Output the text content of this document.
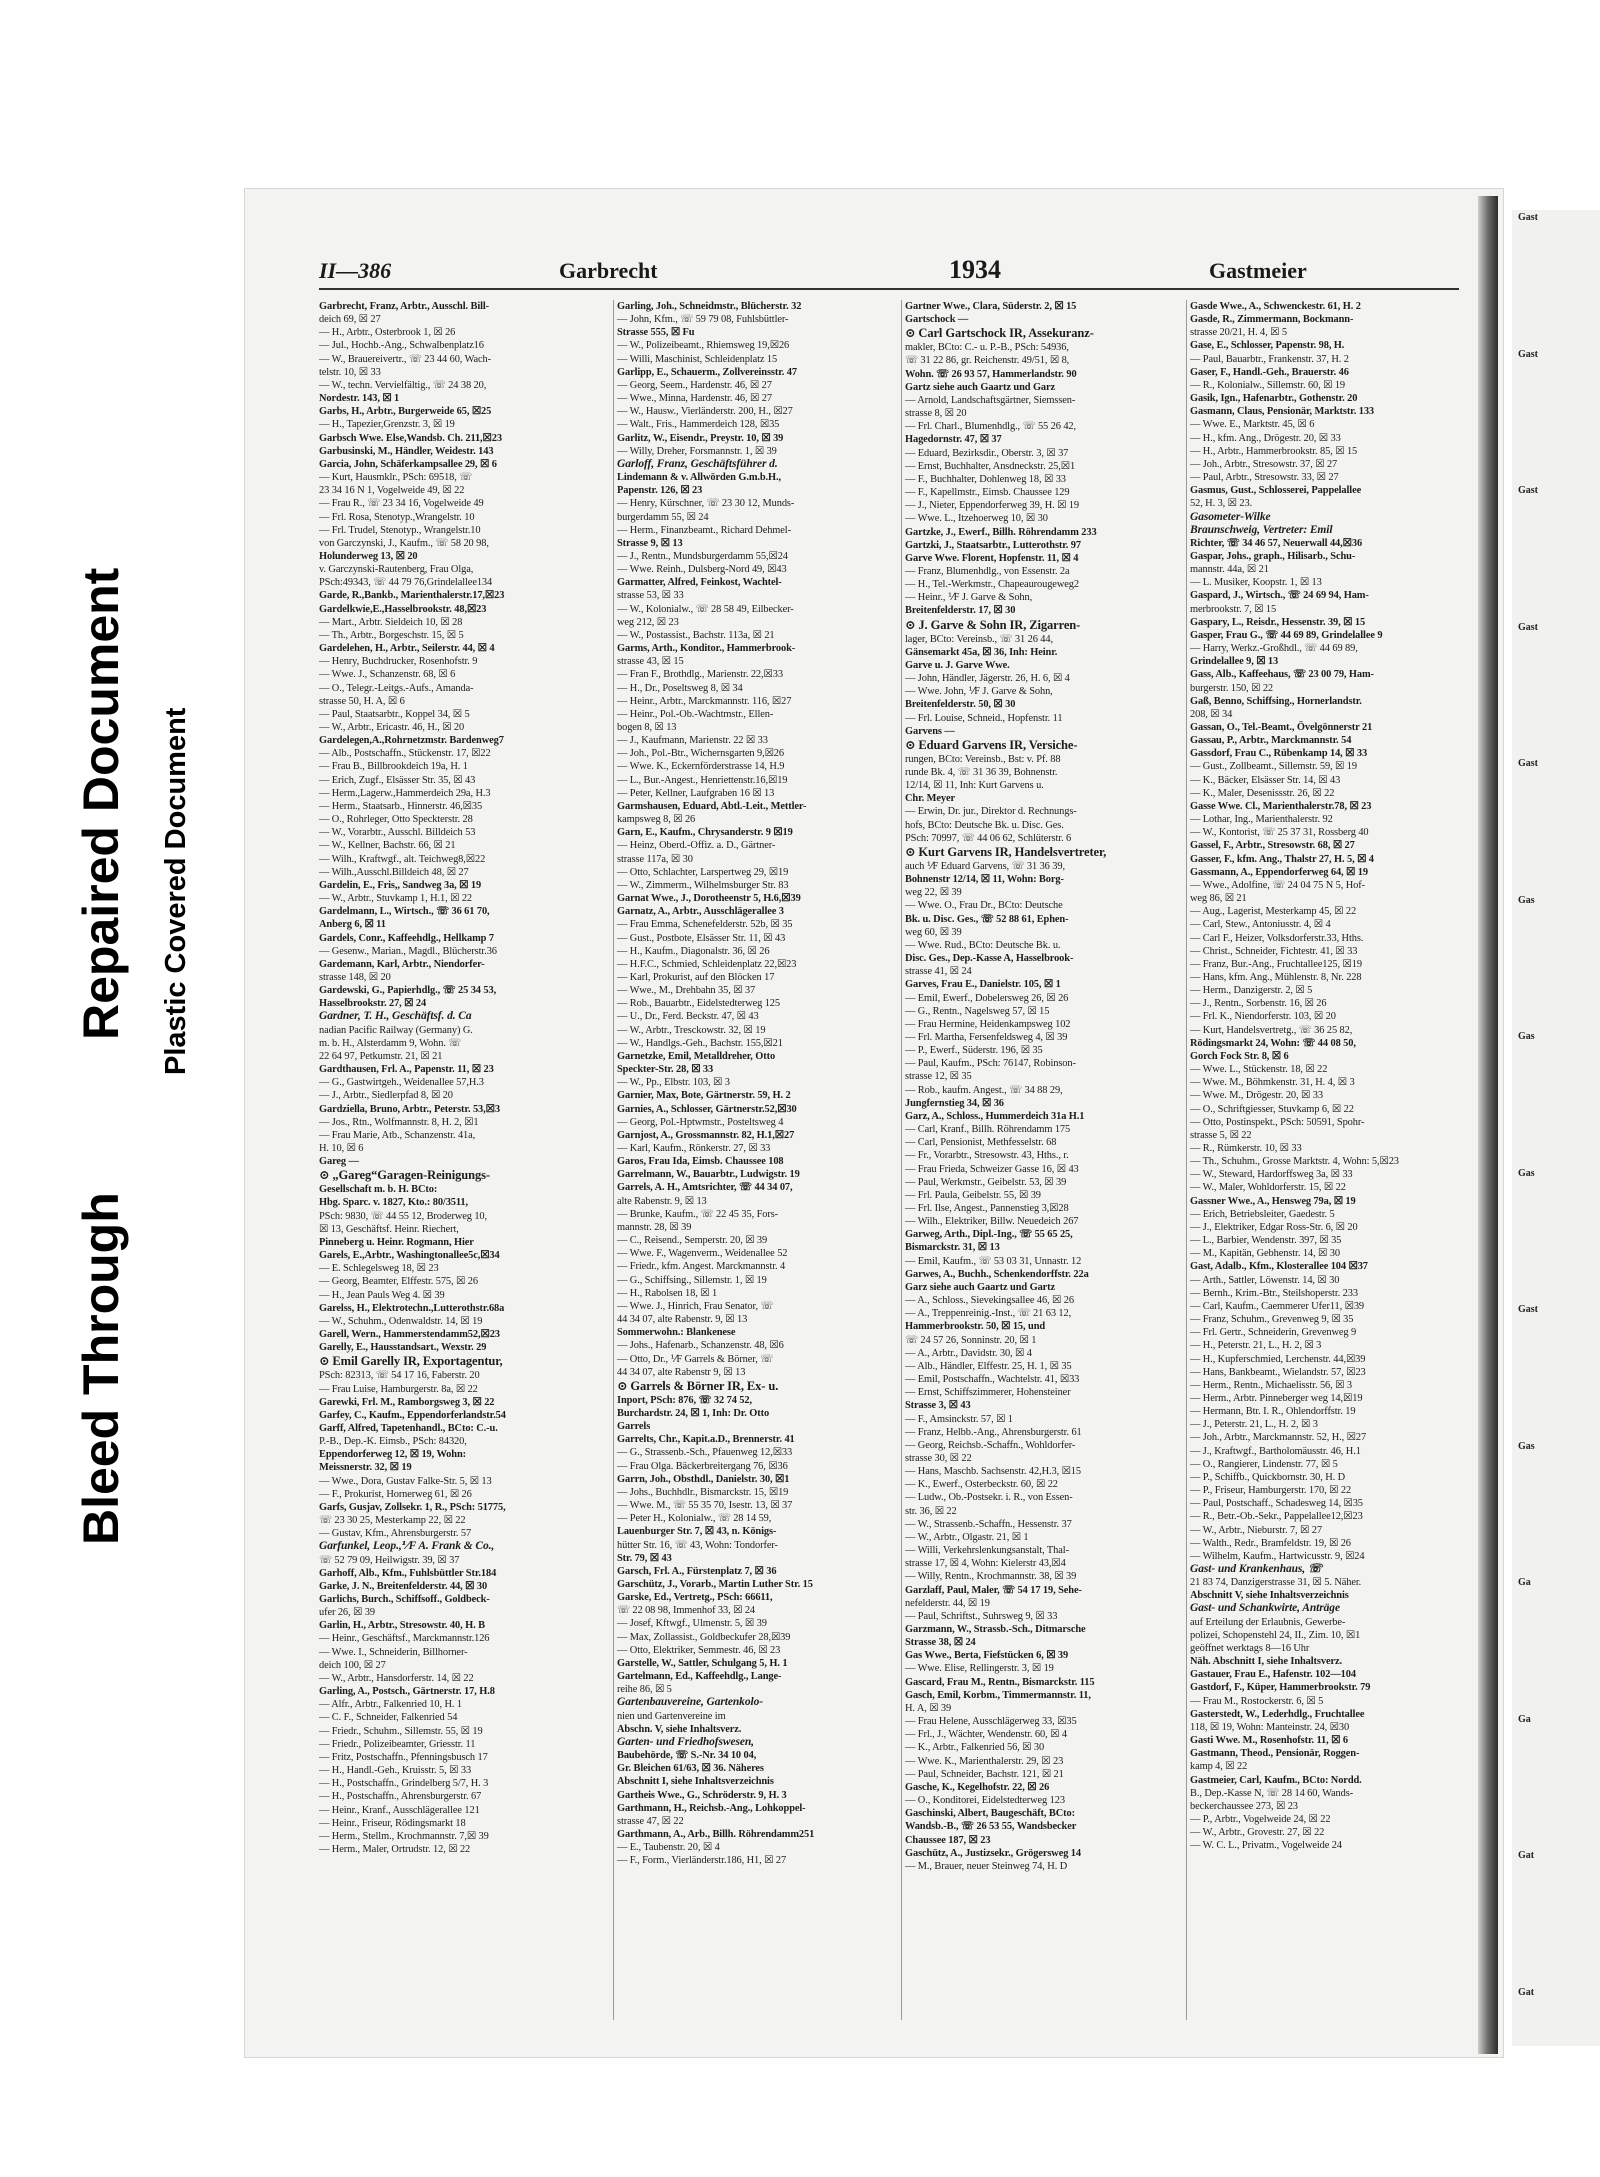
Bleed Through
Repaired Document Plastic Covered Document
II—386	Garbrecht	1934	Gastmeier
Garbrecht, Franz, Arbtr., Ausschl. Bill-
deich 69, ☒ 27
— H., Arbtr., Osterbrook 1, ☒ 26
— Jul., Hochb.-Ang., Schwalbenplatz16
— W., Brauereivertr., ☏ 23 44 60, Wach-
telstr. 10, ☒ 33
— W., techn. Vervielfältig., ☏ 24 38 20,
Nordestr. 143, ☒ 1
Garbs, H., Arbtr., Burgerweide 65, ☒25
— H., Tapezier,Grenzstr. 3, ☒ 19
Garbsch Wwe. Else,Wandsb. Ch. 211,☒23
Garbusinski, M., Händler, Weidestr. 143
Garcia, John, Schäferkampsallee 29, ☒ 6
— Kurt, Hausmklr., PSch: 69518, ☏
23 34 16 N 1, Vogelweide 49, ☒ 22
— Frau R., ☏ 23 34 16, Vogelweide 49
— Frl. Rosa, Stenotyp.,Wrangelstr. 10
— Frl. Trudel, Stenotyp., Wrangelstr.10
von Garczynski, J., Kaufm., ☏ 58 20 98,
Holunderweg 13, ☒ 20
v. Garczynski-Rautenberg, Frau Olga,
PSch:49343, ☏ 44 79 76,Grindelallee134
Garde, R.,Bankb., Marienthalerstr.17,☒23
Gardelkwie,E.,Hasselbrookstr. 48,☒23
— Mart., Arbtr. Sieldeich 10, ☒ 28
— Th., Arbtr., Borgeschstr. 15, ☒ 5
Gardelehen, H., Arbtr., Seilerstr. 44, ☒ 4
— Henry, Buchdrucker, Rosenhofstr. 9
— Wwe. J., Schanzenstr. 68, ☒ 6
— O., Telegr.-Leitgs.-Aufs., Amanda-
strasse 50, H. A, ☒ 6
— Paul, Staatsarbtr., Koppel 34, ☒ 5
— W., Arbtr., Ericastr. 46, H., ☒ 20
Gardelegen,A.,Rohrnetzmstr. Bardenweg7
— Alb., Postschaffn., Stückenstr. 17, ☒22
— Frau B., Billbrookdeich 19a, H. 1
— Erich, Zugf., Elsässer Str. 35, ☒ 43
— Herm.,Lagerw.,Hammerdeich 29a, H.3
— Herm., Staatsarb., Hinnerstr. 46,☒35
— O., Rohrleger, Otto Speckterstr. 28
— W., Vorarbtr., Ausschl. Billdeich 53
— W., Kellner, Bachstr. 66, ☒ 21
— Wilh., Kraftwgf., alt. Teichweg8,☒22
— Wilh.,Ausschl.Billdeich 48, ☒ 27
Gardelin, E., Fris,, Sandweg 3a, ☒ 19
— W., Arbtr., Stuvkamp 1, H.1, ☒ 22
Gardelmann, L., Wirtsch., ☏ 36 61 70,
Anberg 6, ☒ 11
Gardels, Conr., Kaffeehdlg., Hellkamp 7
— Gesenw., Marian., Magdl., Blücherstr.36
Gardemann, Karl, Arbtr., Niendorfer-
strasse 148, ☒ 20
Gardewski, G., Papierhdlg., ☏ 25 34 53,
Hasselbrookstr. 27, ☒ 24
Gardner, T. H., Geschäftsf. d. Ca
nadian Pacific Railway (Germany) G.
m. b. H., Alsterdamm 9, Wohn. ☏
22 64 97, Petkumstr. 21, ☒ 21
Gardthausen, Frl. A., Papenstr. 11, ☒ 23
— G., Gastwirtgeh., Weidenallee 57,H.3
— J., Arbtr., Siedlerpfad 8, ☒ 20
Gardziella, Bruno, Arbtr., Peterstr. 53,☒3
— Jos., Rtn., Wolfmannstr. 8, H. 2, ☒1
— Frau Marie, Atb., Schanzenstr. 41a,
H. 10, ☒ 6
Gareg —
⊙ „Gareg“Garagen-Reinigungs-
Gesellschaft m. b. H. BCto:
Hbg. Sparc. v. 1827, Kto.: 80/3511,
PSch: 9830, ☏ 44 55 12, Broderweg 10,
☒ 13, Geschäftsf. Heinr. Riechert,
Pinneberg u. Heinr. Rogmann, Hier
Garels, E.,Arbtr., Washingtonallee5c,☒34
— E. Schlegelsweg 18, ☒ 23
— Georg, Beamter, Elffestr. 575, ☒ 26
— H., Jean Pauls Weg 4. ☒ 39
Garelss, H., Elektrotechn.,Lutterothstr.68a
— W., Schuhm., Odenwaldstr. 14, ☒ 19
Garell, Wern., Hammerstendamm52,☒23
Garelly, E., Hausstandsart., Wexstr. 29
⊙ Emil Garelly IR, Exportagentur,
PSch: 82313, ☏ 54 17 16, Faberstr. 20
— Frau Luise, Hamburgerstr. 8a, ☒ 22
Garewki, Frl. M., Ramborgsweg 3, ☒ 22
Garfey, C., Kaufm., Eppendorferlandstr.54
Garff, Alfred, Tapetenhandl., BCto: C.-u.
P.-B., Dep.-K. Eimsb., PSch: 84320,
Eppendorferweg 12, ☒ 19, Wohn:
Meissnerstr. 32, ☒ 19
— Wwe., Dora, Gustav Falke-Str. 5, ☒ 13
— F., Prokurist, Hornerweg 61, ☒ 26
Garfs, Gusjav, Zollsekr. 1, R., PSch: 51775,
☏ 23 30 25, Mesterkamp 22, ☒ 22
— Gustav, Kfm., Ahrensburgerstr. 57
Garfunkel, Leop.,⅟F A. Frank & Co.,
☏ 52 79 09, Heilwigstr. 39, ☒ 37
Garhoff, Alb., Kfm., Fuhlsbüttler Str.184
Garke, J. N., Breitenfelderstr. 44, ☒ 30
Garlichs, Burch., Schiffsoff., Goldbeck-
ufer 26, ☒ 39
Garlin, H., Arbtr., Stresowstr. 40, H. B
— Heinr., Geschäftsf., Marckmannstr.126
— Wwe. I., Schneiderin, Billhorner-
deich 100, ☒ 27
— W., Arbtr., Hansdorferstr. 14, ☒ 22
Garling, A., Postsch., Gärtnerstr. 17, H.8
— Alfr., Arbtr., Falkenried 10, H. 1
— C. F., Schneider, Falkenried 54
— Friedr., Schuhm., Sillemstr. 55, ☒ 19
— Friedr., Polizeibeamter, Griesstr. 11
— Fritz, Postschaffn., Pfenningsbusch 17
— H., Handl.-Geh., Kruisstr. 5, ☒ 33
— H., Postschaffn., Grindelberg 5/7, H. 3
— H., Postschaffn., Ahrensburgerstr. 67
— Heinr., Kranf., Ausschlägerallee 121
— Heinr., Friseur, Rödingsmarkt 18
— Herm., Stellm., Krochmannstr. 7,☒ 39
— Herm., Maler, Ortrudstr. 12, ☒ 22
Garling, Joh., Schneidmstr., Blücherstr. 32
— John, Kfm., ☏ 59 79 08, Fuhlsbüttler-
Strasse 555, ☒ Fu
— W., Polizeibeamt., Rhiemsweg 19,☒26
— Willi, Maschinist, Schleidenplatz 15
Garlipp, E., Schauerm., Zollvereinsstr. 47
— Georg, Seem., Hardenstr. 46, ☒ 27
— Wwe., Minna, Hardenstr. 46, ☒ 27
— W., Hausw., Vierländerstr. 200, H., ☒27
— Walt., Fris., Hammerdeich 128, ☒35
Garlitz, W., Eisendr., Preystr. 10, ☒ 39
— Willy, Dreher, Forsmannstr. 1, ☒ 39
Garloff, Franz, Geschäftsführer d.
Lindemann & v. Allwörden G.m.b.H.,
Papenstr. 126, ☒ 23
— Henry, Kürschner, ☏ 23 30 12, Munds-
burgerdamm 55, ☒ 24
— Herm., Finanzbeamt., Richard Dehmel-
Strasse 9, ☒ 13
— J., Rentn., Mundsburgerdamm 55,☒24
— Wwe. Reinh., Dulsberg-Nord 49, ☒43
Garmatter, Alfred, Feinkost, Wachtel-
strasse 53, ☒ 33
— W., Kolonialw., ☏ 28 58 49, Eilbecker-
weg 212, ☒ 23
— W., Postassist., Bachstr. 113a, ☒ 21
Garms, Arth., Konditor., Hammerbrook-
strasse 43, ☒ 15
— Fran F., Brothdlg., Marienstr. 22,☒33
— H., Dr., Poseltsweg 8, ☒ 34
— Heinr., Arbtr., Marckmannstr. 116, ☒27
— Heinr., Pol.-Ob.-Wachtmstr., Ellen-
bogen 8, ☒ 13
— J., Kaufmann, Marienstr. 22 ☒ 33
— Joh., Pol.-Btr., Wichernsgarten 9,☒26
— Wwe. K., Eckernförderstrasse 14, H.9
— L., Bur.-Angest., Henriettenstr.16,☒19
— Peter, Kellner, Laufgraben 16 ☒ 13
Garmshausen, Eduard, Abtl.-Leit., Mettler-
kampsweg 8, ☒ 26
Garn, E., Kaufm., Chrysanderstr. 9 ☒19
— Heinz, Oberd.-Offiz. a. D., Gärtner-
strasse 117a, ☒ 30
— Otto, Schlachter, Larspertweg 29, ☒19
— W., Zimmerm., Wilhelmsburger Str. 83
Garnat Wwe., J., Dorotheenstr 5, H.6,☒39
Garnatz, A., Arbtr., Ausschlägerallee 3
— Frau Emma, Schenefelderstr. 52b, ☒ 35
— Gust., Postbote, Elsässer Str. 11, ☒ 43
— H., Kaufm., Diagonalstr. 36, ☒ 26
— H.F.C., Schmied, Schleidenplatz 22,☒23
— Karl, Prokurist, auf den Blöcken 17
— Wwe., M., Drehbahn 35, ☒ 37
— Rob., Bauarbtr., Eidelstedterweg 125
— U., Dr., Ferd. Beckstr. 47, ☒ 43
— W., Arbtr., Tresckowstr. 32, ☒ 19
— W., Handlgs.-Geh., Bachstr. 155,☒21
Garnetzke, Emil, Metalldreher, Otto
Speckter-Str. 28, ☒ 33
— W., Pp., Elbstr. 103, ☒ 3
Garnier, Max, Bote, Gärtnerstr. 59, H. 2
Garnies, A., Schlosser, Gärtnerstr.52,☒30
— Georg, Pol.-Hptwmstr., Posteltsweg 4
Garnjost, A., Grossmannstr. 82, H.1,☒27
— Karl, Kaufm., Rönkerstr. 27, ☒ 33
Garos, Frau Ida, Eimsb. Chaussee 108
Garrelmann, W., Bauarbtr., Ludwigstr. 19
Garrels, A. H., Amtsrichter, ☏ 44 34 07,
alte Rabenstr. 9, ☒ 13
— Brunke, Kaufm., ☏ 22 45 35, Fors-
mannstr. 28, ☒ 39
— C., Reisend., Semperstr. 20, ☒ 39
— Wwe. F., Wagenverm., Weidenallee 52
— Friedr., kfm. Angest. Marckmannstr. 4
— G., Schiffsing., Sillemstr. 1, ☒ 19
— H., Rabolsen 18, ☒ 1
— Wwe. J., Hinrich, Frau Senator, ☏
44 34 07, alte Rabenstr. 9, ☒ 13
Sommerwohn.: Blankenese
— Johs., Hafenarb., Schanzenstr. 48, ☒6
— Otto, Dr., ⅟F Garrels & Börner, ☏
44 34 07, alte Rabenstr 9, ☒ 13
⊙ Garrels & Börner IR, Ex- u.
Inport, PSch: 876, ☏ 32 74 52,
Burchardstr. 24, ☒ 1, Inh: Dr. Otto
Garrels
Garrelts, Chr., Kapit.a.D., Brennerstr. 41
— G., Strassenb.-Sch., Pfauenweg 12,☒33
— Frau Olga. Bäckerbreitergang 76, ☒36
Garrn, Joh., Obsthdl., Danielstr. 30, ☒1
— Johs., Buchhdlr., Bismarckstr. 15, ☒19
— Wwe. M., ☏ 55 35 70, Isestr. 13, ☒ 37
— Peter H., Kolonialw., ☏ 28 14 59,
Lauenburger Str. 7, ☒ 43, n. Königs-
hütter Str. 16, ☏ 43, Wohn: Tondorfer-
Str. 79, ☒ 43
Garsch, Frl. A., Fürstenplatz 7, ☒ 36
Garschütz, J., Vorarb., Martin Luther Str. 15
Garske, Ed., Vertretg., PSch: 66611,
☏ 22 08 98, Immenhof 33, ☒ 24
— Josef, Kftwgf., Ulmenstr. 5, ☒ 39
— Max, Zollassist., Goldbeckufer 28,☒39
— Otto, Elektriker, Semmestr. 46, ☒ 23
Garstelle, W., Sattler, Schulgang 5, H. 1
Gartelmann, Ed., Kaffeehdlg., Lange-
reihe 86, ☒ 5
Gartenbauvereine, Gartenkolo-
nien und Gartenvereine im
Abschn. V, siehe Inhaltsverz.
Garten- und Friedhofswesen,
Baubehörde, ☏ S.-Nr. 34 10 04,
Gr. Bleichen 61/63, ☒ 36. Näheres
Abschnitt I, siehe Inhaltsverzeichnis
Gartheis Wwe., G., Schröderstr. 9, H. 3
Garthmann, H., Reichsb.-Ang., Lohkoppel-
strasse 47, ☒ 22
Garthmann, A., Arb., Billh. Röhrendamm251
— E., Taubenstr. 20, ☒ 4
— F., Form., Vierländerstr.186, H1, ☒ 27
Gartner Wwe., Clara, Süderstr. 2, ☒ 15
Gartschock —
⊙ Carl Gartschock IR, Assekuranz-
makler, BCto: C.- u. P.-B., PSch: 54936,
☏ 31 22 86, gr. Reichenstr. 49/51, ☒ 8,
Wohn. ☏ 26 93 57, Hammerlandstr. 90
Gartz siehe auch Gaartz und Garz
— Arnold, Landschaftsgärtner, Siemssen-
strasse 8, ☒ 20
— Frl. Charl., Blumenhdlg., ☏ 55 26 42,
Hagedornstr. 47, ☒ 37
— Eduard, Bezirksdir., Oberstr. 3, ☒ 37
— Ernst, Buchhalter, Ansdneckstr. 25,☒1
— F., Buchhalter, Dohlenweg 18, ☒ 33
— F., Kapellmstr., Eimsb. Chaussee 129
— J., Nieter, Eppendorferweg 39, H. ☒ 19
— Wwe. L., Itzehoerweg 10, ☒ 30
Gartzke, J., Ewerf., Billh. Röhrendamm 233
Gartzki, J., Staatsarbtr., Lutterothstr. 97
Garve Wwe. Florent, Hopfenstr. 11, ☒ 4
— Franz, Blumenhdlg., von Essenstr. 2a
— H., Tel.-Werkmstr., Chapeaurougeweg2
— Heinr., ⅟F J. Garve & Sohn,
Breitenfelderstr. 17, ☒ 30
⊙ J. Garve & Sohn IR, Zigarren-
lager, BCto: Vereinsb., ☏ 31 26 44,
Gänsemarkt 45a, ☒ 36, Inh: Heinr.
Garve u. J. Garve Wwe.
— John, Händler, Jägerstr. 26, H. 6, ☒ 4
— Wwe. John, ⅟F J. Garve & Sohn,
Breitenfelderstr. 50, ☒ 30
— Frl. Louise, Schneid., Hopfenstr. 11
Garvens —
⊙ Eduard Garvens IR, Versiche-
rungen, BCto: Vereinsb., Bst: v. Pf. 88
runde Bk. 4, ☏ 31 36 39, Bohnenstr.
12/14, ☒ 11, Inh: Kurt Garvens u.
Chr. Meyer
— Erwin, Dr. jur., Direktor d. Rechnungs-
hofs, BCto: Deutsche Bk. u. Disc. Ges.
PSch: 70997, ☏ 44 06 62, Schlüterstr. 6
⊙ Kurt Garvens IR, Handelsvertreter,
auch ⅟F Eduard Garvens, ☏ 31 36 39,
Bohnenstr 12/14, ☒ 11, Wohn: Borg-
weg 22, ☒ 39
— Wwe. O., Frau Dr., BCto: Deutsche
Bk. u. Disc. Ges., ☏ 52 88 61, Ephen-
weg 60, ☒ 39
— Wwe. Rud., BCto: Deutsche Bk. u.
Disc. Ges., Dep.-Kasse A, Hasselbrook-
strasse 41, ☒ 24
Garves, Frau E., Danielstr. 105, ☒ 1
— Emil, Ewerf., Dobelersweg 26, ☒ 26
— G., Rentn., Nagelsweg 57, ☒ 15
— Frau Hermine, Heidenkampsweg 102
— Frl. Martha, Fersenfeldsweg 4, ☒ 39
— P., Ewerf., Süderstr. 196, ☒ 35
— Paul, Kaufm., PSch: 76147, Robinson-
strasse 12, ☒ 35
— Rob., kaufm. Angest., ☏ 34 88 29,
Jungfernstieg 34, ☒ 36
Garz, A., Schloss., Hummerdeich 31a H.1
— Carl, Kranf., Billh. Röhrendamm 175
— Carl, Pensionist, Methfesselstr. 68
— Fr., Vorarbtr., Stresowstr. 43, Hths., r.
— Frau Frieda, Schweizer Gasse 16, ☒ 43
— Paul, Werkmstr., Geibelstr. 53, ☒ 39
— Frl. Paula, Geibelstr. 55, ☒ 39
— Frl. Ilse, Angest., Pannenstieg 3,☒28
— Wilh., Elektriker, Billw. Neuedeich 267
Garweg, Arth., Dipl.-Ing., ☏ 55 65 25,
Bismarckstr. 31, ☒ 13
— Emil, Kaufm., ☏ 53 03 31, Unnastr. 12
Garwes, A., Buchh., Schenkendorffstr. 22a
Garz siehe auch Gaartz und Gartz
— A., Schloss., Sievekingsallee 46, ☒ 26
— A., Treppenreinig.-Inst., ☏ 21 63 12,
Hammerbrookstr. 50, ☒ 15, und
☏ 24 57 26, Sonninstr. 20, ☒ 1
— A., Arbtr., Davidstr. 30, ☒ 4
— Alb., Händler, Elffestr. 25, H. 1, ☒ 35
— Emil, Postschaffn., Wachtelstr. 41, ☒33
— Ernst, Schiffszimmerer, Hohensteiner
Strasse 3, ☒ 43
— F., Amsinckstr. 57, ☒ 1
— Franz, Helbb.-Ang., Ahrensburgerstr. 61
— Georg, Reichsb.-Schaffn., Wohldorfer-
strasse 30, ☒ 22
— Hans, Maschb. Sachsenstr. 42,H.3, ☒15
— K., Ewerf., Osterbeckstr. 60, ☒ 22
— Ludw., Ob.-Postsekr. i. R., von Essen-
str. 36, ☒ 22
— W., Strassenb.-Schaffn., Hessenstr. 37
— W., Arbtr., Olgastr. 21, ☒ 1
— Willi, Verkehrslenkungsanstalt, Thal-
strasse 17, ☒ 4, Wohn: Kielerstr 43,☒4
— Willy, Rentn., Krochmannstr. 38, ☒ 39
Garzlaff, Paul, Maler, ☏ 54 17 19, Sehe-
nefelderstr. 44, ☒ 19
— Paul, Schriftst., Suhrsweg 9, ☒ 33
Garzmann, W., Strassb.-Sch., Ditmarsche
Strasse 38, ☒ 24
Gas Wwe., Berta, Fiefstücken 6, ☒ 39
— Wwe. Elise, Rellingerstr. 3, ☒ 19
Gascard, Frau M., Rentn., Bismarckstr. 115
Gasch, Emil, Korbm., Timmermannstr. 11,
H. A, ☒ 39
— Frau Helene, Ausschlägerweg 33, ☒35
— Frl., J., Wächter, Wendenstr. 60, ☒ 4
— K., Arbtr., Falkenried 56, ☒ 30
— Wwe. K., Marienthalerstr. 29, ☒ 23
— Paul, Schneider, Bachstr. 121, ☒ 21
Gasche, K., Kegelhofstr. 22, ☒ 26
— O., Konditorei, Eidelstedterweg 123
Gaschinski, Albert, Baugeschäft, BCto:
Wandsb.-B., ☏ 26 53 55, Wandsbecker
Chaussee 187, ☒ 23
Gaschütz, A., Justizsekr., Grögersweg 14
— M., Brauer, neuer Steinweg 74, H. D
Gasde Wwe., A., Schwenckestr. 61, H. 2
Gasde, R., Zimmermann, Bockmann-
strasse 20/21, H. 4, ☒ 5
Gase, E., Schlosser, Papenstr. 98, H.
— Paul, Bauarbtr., Frankenstr. 37, H. 2
Gaser, F., Handl.-Geh., Brauerstr. 46
— R., Kolonialw., Sillemstr. 60, ☒ 19
Gasik, Ign., Hafenarbtr., Gothenstr. 20
Gasmann, Claus, Pensionär, Marktstr. 133
— Wwe. E., Marktstr. 45, ☒ 6
— H., kfm. Ang., Drögestr. 20, ☒ 33
— H., Arbtr., Hammerbrookstr. 85, ☒ 15
— Joh., Arbtr., Stresowstr. 37, ☒ 27
— Paul, Arbtr., Stresowstr. 33, ☒ 27
Gasmus, Gust., Schlosserei, Pappelallee
52, H. 3, ☒ 23.
Gasometer-Wilke
Braunschweig, Vertreter: Emil
Richter, ☏ 34 46 57, Neuerwall 44,☒36
Gaspar, Johs., graph., Hilisarb., Schu-
mannstr. 44a, ☒ 21
— L. Musiker, Koopstr. 1, ☒ 13
Gaspard, J., Wirtsch., ☏ 24 69 94, Ham-
merbrookstr. 7, ☒ 15
Gaspary, L., Reisdr., Hessenstr. 39, ☒ 15
Gasper, Frau G., ☏ 44 69 89, Grindelallee 9
— Harry, Werkz.-Großhdl., ☏ 44 69 89,
Grindelallee 9, ☒ 13
Gass, Alb., Kaffeehaus, ☏ 23 00 79, Ham-
burgerstr. 150, ☒ 22
Gaß, Benno, Schiffsing., Hornerlandstr.
208, ☒ 34
Gassan, O., Tel.-Beamt., Övelgönnerstr 21
Gassau, P., Arbtr., Marckmannstr. 54
Gassdorf, Frau C., Rübenkamp 14, ☒ 33
— Gust., Zollbeamt., Sillemstr. 59, ☒ 19
— K., Bäcker, Elsässer Str. 14, ☒ 43
— K., Maler, Desenissstr. 26, ☒ 22
Gasse Wwe. Cl., Marienthalerstr.78, ☒ 23
— Lothar, Ing., Marienthalerstr. 92
— W., Kontorist, ☏ 25 37 31, Rossberg 40
Gassel, F., Arbtr., Stresowstr. 68, ☒ 27
Gasser, F., kfm. Ang., Thalstr 27, H. 5, ☒ 4
Gassmann, A., Eppendorferweg 64, ☒ 19
— Wwe., Adolfine, ☏ 24 04 75 N 5, Hof-
weg 86, ☒ 21
— Aug., Lagerist, Mesterkamp 45, ☒ 22
— Carl, Stew., Antoniusstr. 4, ☒ 4
— Carl F., Heizer, Volksdorferstr.33, Hths.
— Christ., Schneider, Fichtestr. 41, ☒ 33
— Franz, Bur.-Ang., Fruchtallee125, ☒19
— Hans, kfm. Ang., Mühlenstr. 8, Nr. 228
— Herm., Danzigerstr. 2, ☒ 5
— J., Rentn., Sorbenstr. 16, ☒ 26
— Frl. K., Niendorferstr. 103, ☒ 20
— Kurt, Handelsvertretg., ☏ 36 25 82,
Rödingsmarkt 24, Wohn: ☏ 44 08 50,
Gorch Fock Str. 8, ☒ 6
— Wwe. L., Stückenstr. 18, ☒ 22
— Wwe. M., Böhmkenstr. 31, H. 4, ☒ 3
— Wwe. M., Drögestr. 20, ☒ 33
— O., Schriftgiesser, Stuvkamp 6, ☒ 22
— Otto, Postinspekt., PSch: 50591, Spohr-
strasse 5, ☒ 22
— R., Rümkerstr. 10, ☒ 33
— Th., Schuhm., Grosse Marktstr. 4, Wohn: 5,☒23
— W., Steward, Hardorffsweg 3a, ☒ 33
— W., Maler, Wohldorferstr. 15, ☒ 22
Gassner Wwe., A., Hensweg 79a, ☒ 19
— Erich, Betriebsleiter, Gaedestr. 5
— J., Elektriker, Edgar Ross-Str. 6, ☒ 20
— L., Barbier, Wendenstr. 397, ☒ 35
— M., Kapitän, Gebhenstr. 14, ☒ 30
Gast, Adalb., Kfm., Klosterallee 104 ☒37
— Arth., Sattler, Löwenstr. 14, ☒ 30
— Bernh., Krim.-Btr., Steilshoperstr. 233
— Carl, Kaufm., Caemmerer Ufer11, ☒39
— Franz, Schuhm., Grevenweg 9, ☒ 35
— Frl. Gertr., Schneiderin, Grevenweg 9
— H., Peterstr. 21, L., H. 2, ☒ 3
— H., Kupferschmied, Lerchenstr. 44,☒39
— Hans, Bankbeamt., Wielandstr. 57, ☒23
— Herm., Rentn., Michaelisstr. 56, ☒ 3
— Herm., Arbtr. Pinneberger weg 14,☒19
— Hermann, Btr. I. R., Ohlendorffstr. 19
— J., Peterstr. 21, L., H. 2, ☒ 3
— Joh., Arbtr., Marckmannstr. 52, H., ☒27
— J., Kraftwgf., Bartholomäusstr. 46, H.1
— O., Rangierer, Lindenstr. 77, ☒ 5
— P., Schiffb., Quickbornstr. 30, H. D
— P., Friseur, Hamburgerstr. 170, ☒ 22
— Paul, Postschaff., Schadesweg 14, ☒35
— R., Betr.-Ob.-Sekr., Pappelallee12,☒23
— W., Arbtr., Nieburstr. 7, ☒ 27
— Walth., Redr., Bramfeldstr. 19, ☒ 26
— Wilhelm, Kaufm., Hartwicusstr. 9, ☒24
Gast- und Krankenhaus, ☏
21 83 74, Danzigerstrasse 31, ☒ 5. Näher.
Abschnitt V, siehe Inhaltsverzeichnis
Gast- und Schankwirte, Anträge
auf Erteilung der Erlaubnis, Gewerbe-
polizei, Schopenstehl 24, II., Zim. 10, ☒1
geöffnet werktags 8—16 Uhr
Näh. Abschnitt I, siehe Inhaltsverz.
Gastauer, Frau E., Hafenstr. 102—104
Gastdorf, F., Küper, Hammerbrookstr. 79
— Frau M., Rostockerstr. 6, ☒ 5
Gasterstedt, W., Lederhdlg., Fruchtallee
118, ☒ 19, Wohn: Manteinstr. 24, ☒30
Gasti Wwe. M., Rosenhofstr. 11, ☒ 6
Gastmann, Theod., Pensionär, Roggen-
kamp 4, ☒ 22
Gastmeier, Carl, Kaufm., BCto: Nordd.
B., Dep.-Kasse N, ☏ 28 14 60, Wands-
beckerchaussee 273, ☒ 23
— P., Arbtr., Vogelweide 24, ☒ 22
— W., Arbtr., Grovestr. 27, ☒ 22
— W. C. L., Privatm., Vogelweide 24
Gast
Gast
Gast
Gast
Gast
Gas
Gas
Gas
Gast
Gas
Ga
Ga
Gat
Gat
